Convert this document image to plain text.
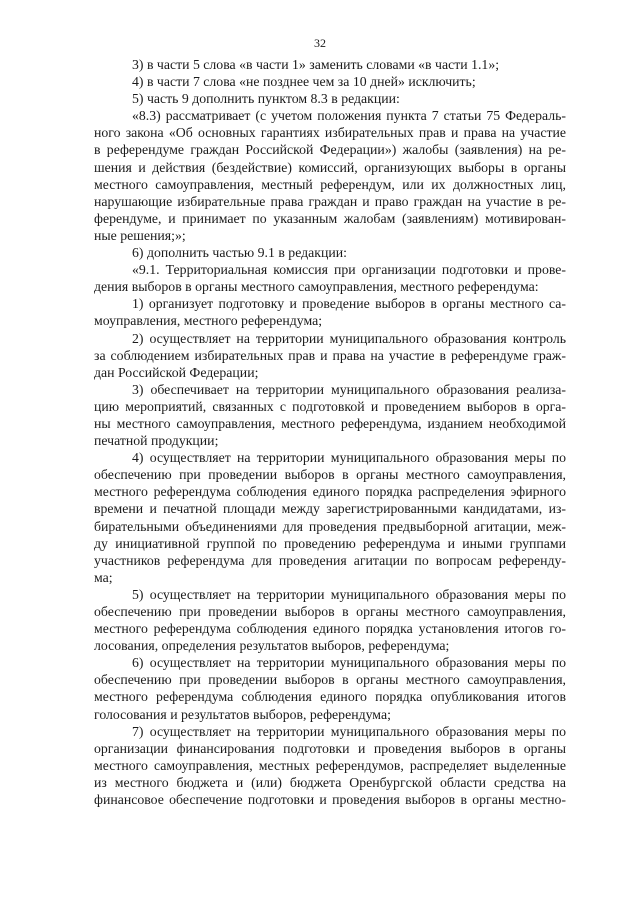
32
3) в части 5 слова «в части 1» заменить словами «в части 1.1»;
4) в части 7 слова «не позднее чем за 10 дней» исключить;
5) часть 9 дополнить пунктом 8.3 в редакции:
«8.3) рассматривает (с учетом положения пункта 7 статьи 75 Федераль-
ного закона «Об основных гарантиях избирательных прав и права на участие
в референдуме граждан Российской Федерации») жалобы (заявления) на ре-
шения и действия (бездействие) комиссий, организующих выборы в органы
местного самоуправления, местный референдум, или их должностных лиц,
нарушающие избирательные права граждан и право граждан на участие в ре-
ферендуме, и принимает по указанным жалобам (заявлениям) мотивирован-
ные решения;»;
6) дополнить частью 9.1 в редакции:
«9.1. Территориальная комиссия при организации подготовки и прове-
дения выборов в органы местного самоуправления, местного референдума:
1) организует подготовку и проведение выборов в органы местного са-
моуправления, местного референдума;
2) осуществляет на территории муниципального образования контроль
за соблюдением избирательных прав и права на участие в референдуме граж-
дан Российской Федерации;
3) обеспечивает на территории муниципального образования реализа-
цию мероприятий, связанных с подготовкой и проведением выборов в орга-
ны местного самоуправления, местного референдума, изданием необходимой
печатной продукции;
4) осуществляет на территории муниципального образования меры по
обеспечению при проведении выборов в органы местного самоуправления,
местного референдума соблюдения единого порядка распределения эфирного
времени и печатной площади между зарегистрированными кандидатами, из-
бирательными объединениями для проведения предвыборной агитации, меж-
ду инициативной группой по проведению референдума и иными группами
участников референдума для проведения агитации по вопросам референду-
ма;
5) осуществляет на территории муниципального образования меры по
обеспечению при проведении выборов в органы местного самоуправления,
местного референдума соблюдения единого порядка установления итогов го-
лосования, определения результатов выборов, референдума;
6) осуществляет на территории муниципального образования меры по
обеспечению при проведении выборов в органы местного самоуправления,
местного референдума соблюдения единого порядка опубликования итогов
голосования и результатов выборов, референдума;
7) осуществляет на территории муниципального образования меры по
организации финансирования подготовки и проведения выборов в органы
местного самоуправления, местных референдумов, распределяет выделенные
из местного бюджета и (или) бюджета Оренбургской области средства на
финансовое обеспечение подготовки и проведения выборов в органы местно-
